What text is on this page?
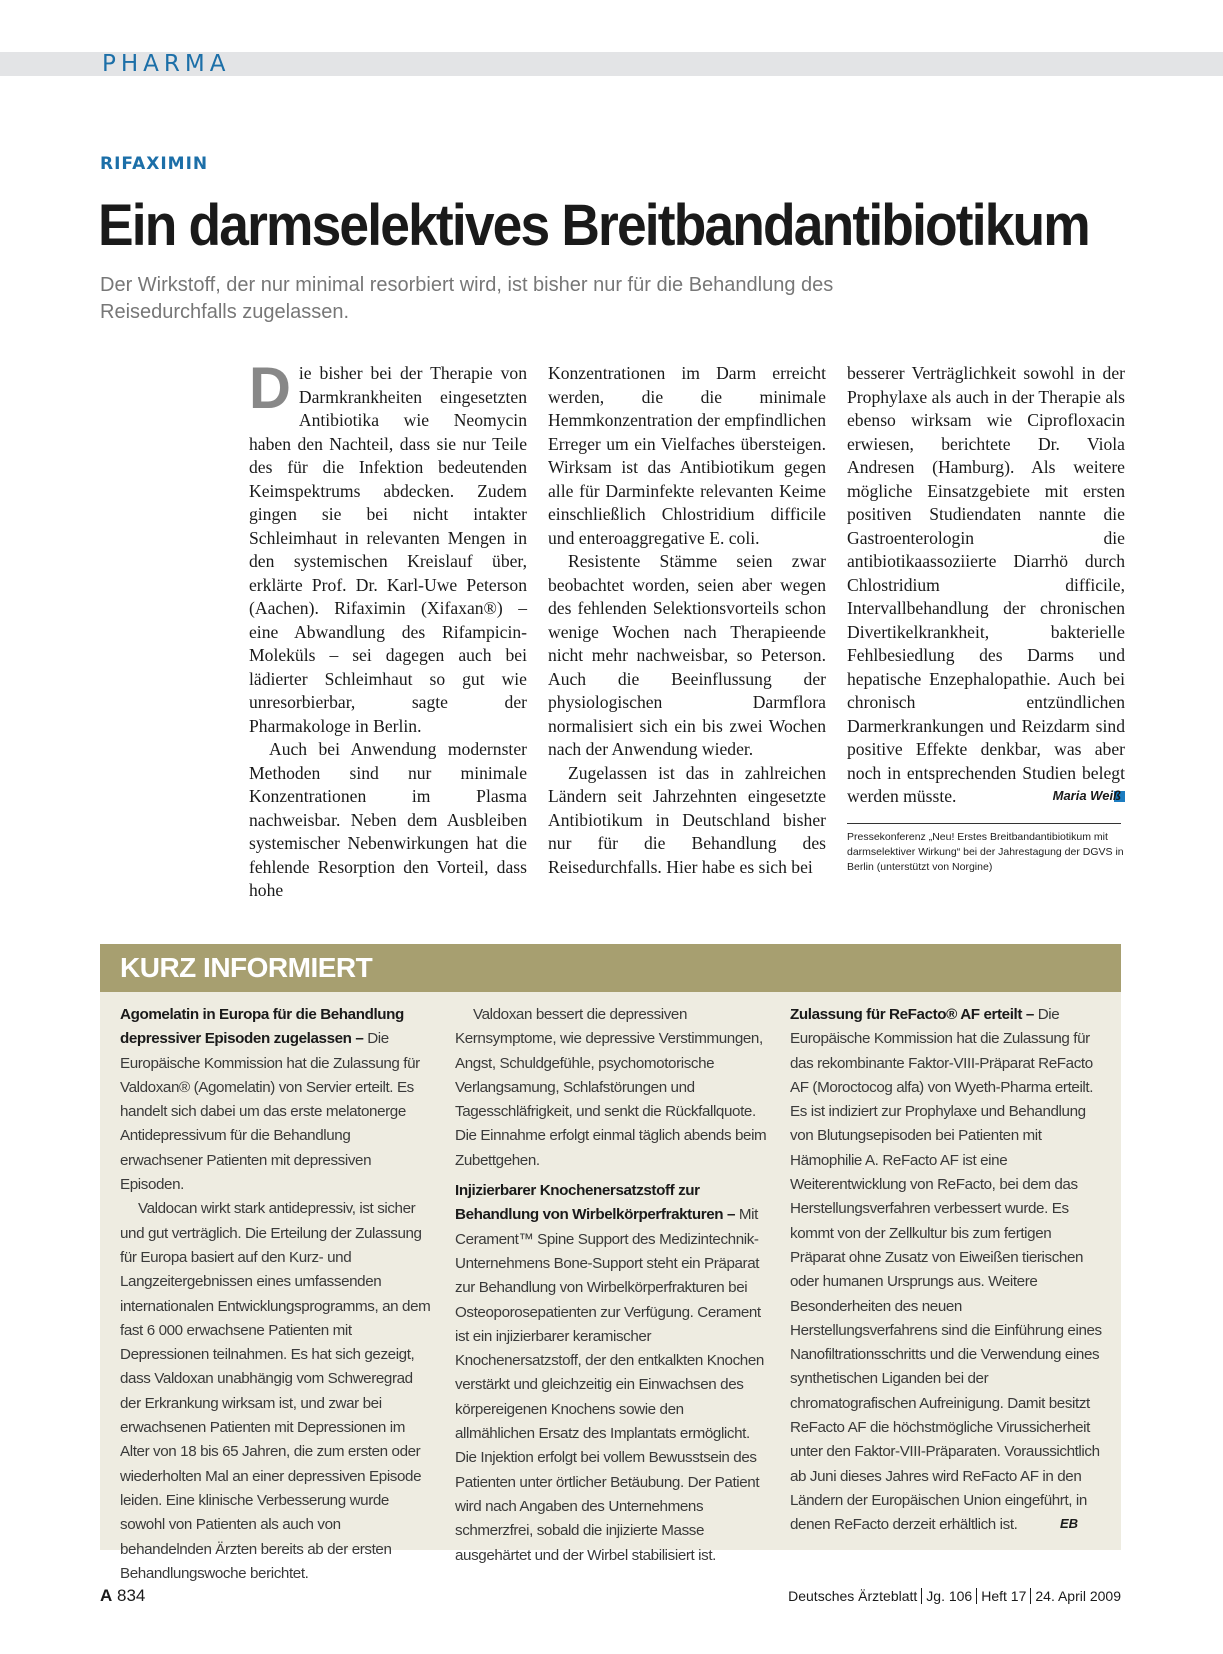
PHARMA
RIFAXIMIN
Ein darmselektives Breitbandantibiotikum
Der Wirkstoff, der nur minimal resorbiert wird, ist bisher nur für die Behandlung des Reisedurchfalls zugelassen.

Die bisher bei der Therapie von Darmkrankheiten eingesetzten Antibiotika wie Neomycin haben den Nachteil, dass sie nur Teile des für die Infektion bedeutenden Keimspektrums abdecken. Zudem gingen sie bei nicht intakter Schleimhaut in relevanten Mengen in den systemischen Kreislauf über, erklärte Prof. Dr. Karl-Uwe Peterson (Aachen). Rifaximin (Xifaxan®) – eine Abwandlung des Rifampicin-Moleküls – sei dagegen auch bei lädierter Schleimhaut so gut wie unresorbierbar, sagte der Pharmakologe in Berlin.

Auch bei Anwendung modernster Methoden sind nur minimale Konzentrationen im Plasma nachweisbar. Neben dem Ausbleiben systemischer Nebenwirkungen hat die fehlende Resorption den Vorteil, dass hohe

Konzentrationen im Darm erreicht werden, die die minimale Hemmkonzentration der empfindlichen Erreger um ein Vielfaches übersteigen. Wirksam ist das Antibiotikum gegen alle für Darminfekte relevanten Keime einschließlich Chlostridium difficile und enteroaggregative E. coli.

Resistente Stämme seien zwar beobachtet worden, seien aber wegen des fehlenden Selektionsvorteils schon wenige Wochen nach Therapieende nicht mehr nachweisbar, so Peterson. Auch die Beeinflussung der physiologischen Darmflora normalisiert sich ein bis zwei Wochen nach der Anwendung wieder.

Zugelassen ist das in zahlreichen Ländern seit Jahrzehnten eingesetzte Antibiotikum in Deutschland bisher nur für die Behandlung des Reisedurchfalls. Hier habe es sich bei

besserer Verträglichkeit sowohl in der Prophylaxe als auch in der Therapie als ebenso wirksam wie Ciprofloxacin erwiesen, berichtete Dr. Viola Andresen (Hamburg). Als weitere mögliche Einsatzgebiete mit ersten positiven Studiendaten nannte die Gastroenterologin die antibiotikaassoziierte Diarrhö durch Chlostridium difficile, Intervallbehandlung der chronischen Divertikelkrankheit, bakterielle Fehlbesiedlung des Darms und hepatische Enzephalopathie. Auch bei chronisch entzündlichen Darmerkrankungen und Reizdarm sind positive Effekte denkbar, was aber noch in entsprechenden Studien belegt werden müsste.	Maria Weiß
Pressekonferenz „Neu! Erstes Breitbandantibiotikum mit darmselektiver Wirkung“ bei der Jahrestagung der DGVS in Berlin (unterstützt von Norgine)
KURZ INFORMIERT

Agomelatin in Europa für die Behandlung depressiver Episoden zugelassen – Die Europäische Kommission hat die Zulassung für Valdoxan® (Agomelatin) von Servier erteilt. Es handelt sich dabei um das erste melatonerge Antidepressivum für die Behandlung erwachsener Patienten mit depressiven Episoden.

Valdocan wirkt stark antidepressiv, ist sicher und gut verträglich. Die Erteilung der Zulassung für Europa basiert auf den Kurz- und Langzeitergebnissen eines umfassenden internationalen Entwicklungsprogramms, an dem fast 6 000 erwachsene Patienten mit Depressionen teilnahmen. Es hat sich gezeigt, dass Valdoxan unabhängig vom Schweregrad der Erkrankung wirksam ist, und zwar bei erwachsenen Patienten mit Depressionen im Alter von 18 bis 65 Jahren, die zum ersten oder wiederholten Mal an einer depressiven Episode leiden. Eine klinische Verbesserung wurde sowohl von Patienten als auch von behandelnden Ärzten bereits ab der ersten Behandlungswoche berichtet.

Valdoxan bessert die depressiven Kernsymptome, wie depressive Verstimmungen, Angst, Schuldgefühle, psychomotorische Verlangsamung, Schlafstörungen und Tagesschläfrigkeit, und senkt die Rückfallquote. Die Einnahme erfolgt einmal täglich abends beim Zubettgehen.

Injizierbarer Knochenersatzstoff zur Behandlung von Wirbelkörperfrakturen – Mit Cerament™ Spine Support des Medizintechnik-Unternehmens Bone-Support steht ein Präparat zur Behandlung von Wirbelkörperfrakturen bei Osteoporosepatienten zur Verfügung. Cerament ist ein injizierbarer keramischer Knochenersatzstoff, der den entkalkten Knochen verstärkt und gleichzeitig ein Einwachsen des körpereigenen Knochens sowie den allmählichen Ersatz des Implantats ermöglicht. Die Injektion erfolgt bei vollem Bewusstsein des Patienten unter örtlicher Betäubung. Der Patient wird nach Angaben des Unternehmens schmerzfrei, sobald die injizierte Masse ausgehärtet und der Wirbel stabilisiert ist.

Zulassung für ReFacto® AF erteilt – Die Europäische Kommission hat die Zulassung für das rekombinante Faktor-VIII-Präparat ReFacto AF (Moroctocog alfa) von Wyeth-Pharma erteilt. Es ist indiziert zur Prophylaxe und Behandlung von Blutungsepisoden bei Patienten mit Hämophilie A. ReFacto AF ist eine Weiterentwicklung von ReFacto, bei dem das Herstellungsverfahren verbessert wurde. Es kommt von der Zellkultur bis zum fertigen Präparat ohne Zusatz von Eiweißen tierischen oder humanen Ursprungs aus. Weitere Besonderheiten des neuen Herstellungsverfahrens sind die Einführung eines Nanofiltrationsschritts und die Verwendung eines synthetischen Liganden bei der chromatografischen Aufreinigung. Damit besitzt ReFacto AF die höchstmögliche Virussicherheit unter den Faktor-VIII-Präparaten. Voraussichtlich ab Juni dieses Jahres wird ReFacto AF in den Ländern der Europäischen Union eingeführt, in denen ReFacto derzeit erhältlich ist.	EB
A 834	Deutsches Ärzteblatt Jg. 106 Heft 17 24. April 2009
